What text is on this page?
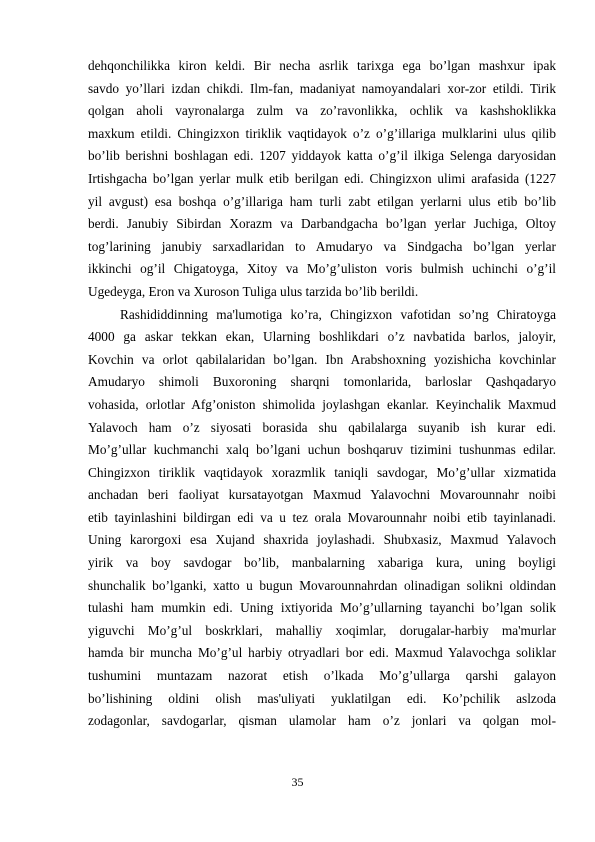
dehqonchilikka kiron keldi. Bir necha asrlik tarixga ega bo’lgan mashxur ipak
savdo yo’llari izdan chikdi. Ilm-fan, madaniyat namoyandalari xor-zor etildi. Tirik
qolgan aholi vayronalarga zulm va zo’ravonlikka, ochlik va kashshoklikka
maxkum etildi. Chingizxon tiriklik vaqtidayok o’z o’g’illariga mulklarini ulus qilib
bo’lib berishni boshlagan edi. 1207 yiddayok katta o’g’il ilkiga Selenga daryosidan
Irtishgacha bo’lgan yerlar mulk etib berilgan edi. Chingizxon ulimi arafasida (1227
yil avgust) esa boshqa o’g’illariga ham turli zabt etilgan yerlarni ulus etib bo’lib
berdi. Janubiy Sibirdan Xorazm va Darbandgacha bo’lgan yerlar Juchiga, Oltoy
tog’larining janubiy sarxadlaridan to Amudaryo va Sindgacha bo’lgan yerlar
ikkinchi og’il Chigatoyga, Xitoy va Mo’g’uliston voris bulmish uchinchi o’g’il
Ugedeyga, Eron va Xuroson Tuliga ulus tarzida bo’lib berildi.
Rashididdinning ma'lumotiga ko’ra, Chingizxon vafotidan so’ng Chiratoyga
4000 ga askar tekkan ekan, Ularning boshlikdari o’z navbatida barlos, jaloyir,
Kovchin va orlot qabilalaridan bo’lgan. Ibn Arabshoxning yozishicha kovchinlar
Amudaryo shimoli Buxoroning sharqni tomonlarida, barloslar Qashqadaryo
vohasida, orlotlar Afg’oniston shimolida joylashgan ekanlar. Keyinchalik Maxmud
Yalavoch ham o’z siyosati borasida shu qabilalarga suyanib ish kurar edi.
Mo’g’ullar kuchmanchi xalq bo’lgani uchun boshqaruv tizimini tushunmas edilar.
Chingizxon tiriklik vaqtidayok xorazmlik taniqli savdogar, Mo’g’ullar xizmatida
anchadan beri faoliyat kursatayotgan Maxmud Yalavochni Movarounnahr noibi
etib tayinlashini bildirgan edi va u tez orala Movarounnahr noibi etib tayinlanadi.
Uning karorgoxi esa Xujand shaxrida joylashadi. Shubxasiz, Maxmud Yalavoch
yirik va boy savdogar bo’lib, manbalarning xabariga kura, uning boyligi
shunchalik bo’lganki, xatto u bugun Movarounnahrdan olinadigan solikni oldindan
tulashi ham mumkin edi. Uning ixtiyorida Mo’g’ullarning tayanchi bo’lgan solik
yiguvchi Mo’g’ul boskrklari, mahalliy xoqimlar, dorugalar-harbiy ma'murlar
hamda bir muncha Mo’g’ul harbiy otryadlari bor edi. Maxmud Yalavochga soliklar
tushumini muntazam nazorat etish o’lkada Mo’g’ullarga qarshi galayon
bo’lishining oldini olish mas'uliyati yuklatilgan edi. Ko’pchilik aslzoda
zodagonlar, savdogarlar, qisman ulamolar ham o’z jonlari va qolgan mol-
35
